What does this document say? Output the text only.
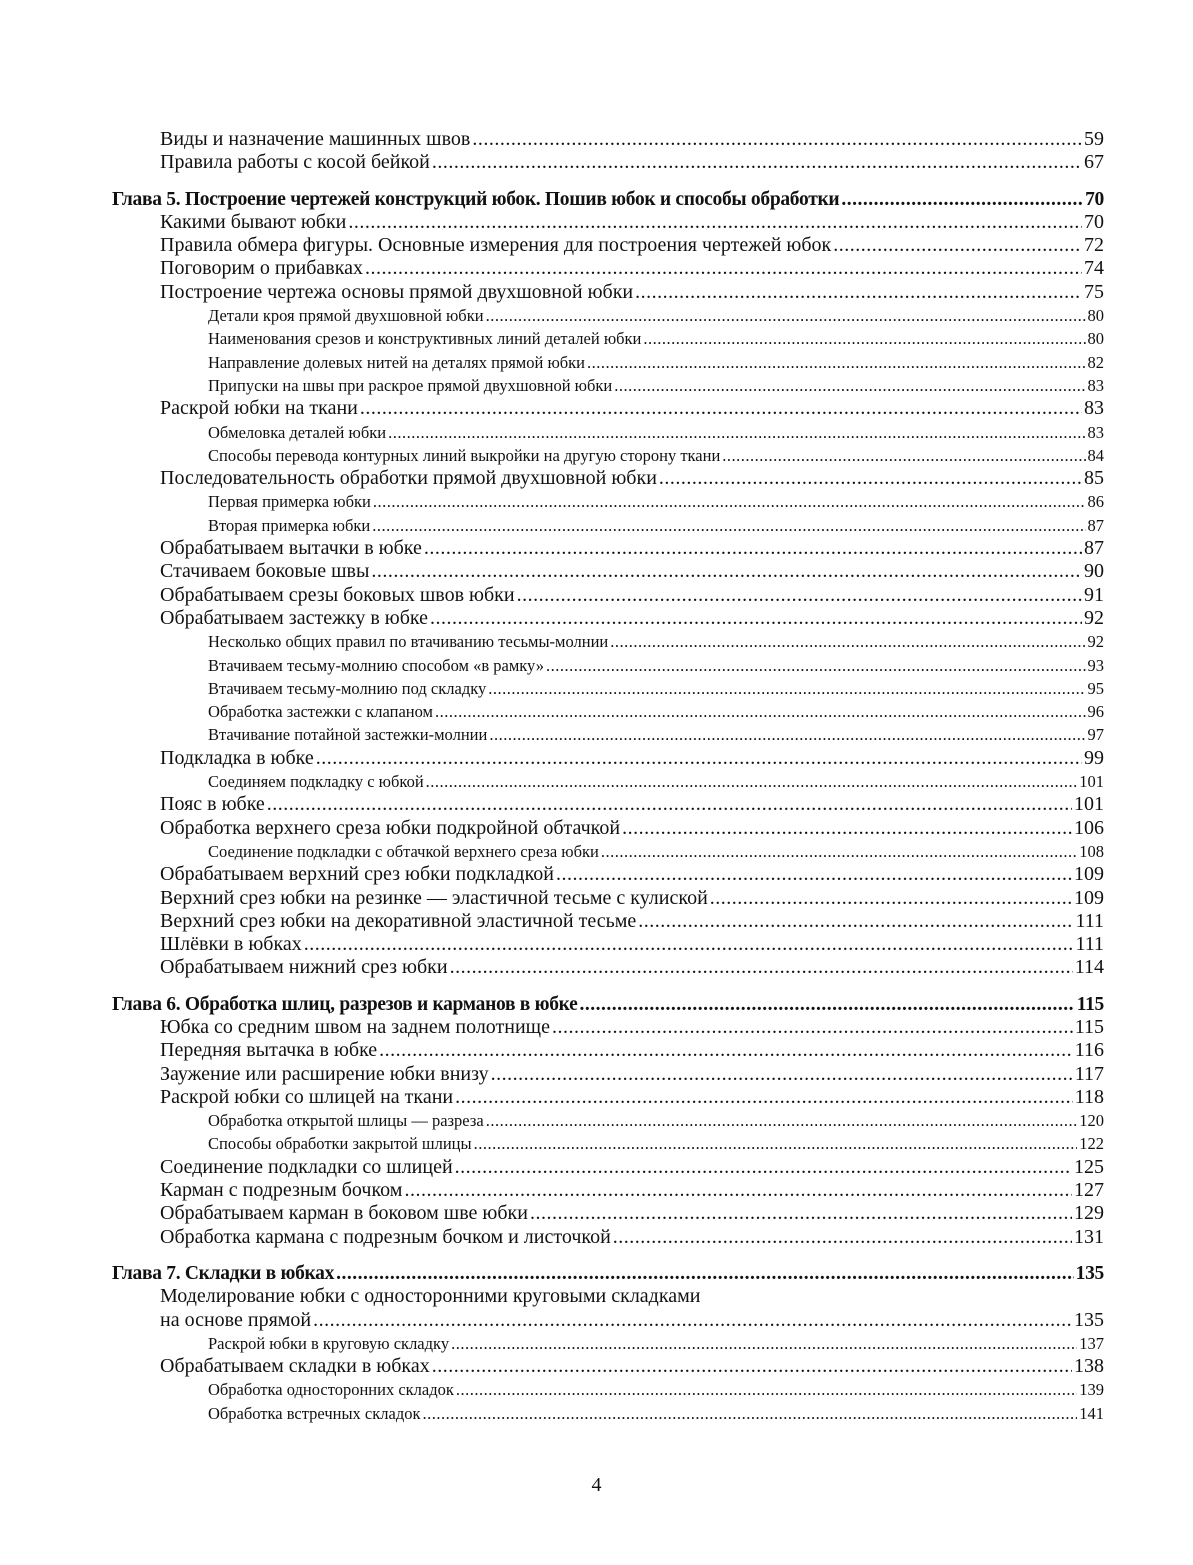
Виды и назначение машинных швов .....	59
Правила работы с косой бейкой .....	67
Глава 5. Построение чертежей конструкций юбок. Пошив юбок и способы обработки .....	70
Какими бывают юбки .....	70
Правила обмера фигуры. Основные измерения для построения чертежей юбок .....	72
Поговорим о прибавках .....	74
Построение чертежа основы прямой двухшовной юбки .....	75
Детали кроя прямой двухшовной юбки .....	80
Наименования срезов и конструктивных линий деталей юбки .....	80
Направление долевых нитей на деталях прямой юбки .....	82
Припуски на швы при раскрое прямой двухшовной юбки .....	83
Раскрой юбки на ткани .....	83
Обмеловка деталей юбки .....	83
Способы перевода контурных линий выкройки на другую сторону ткани .....	84
Последовательность обработки прямой двухшовной юбки .....	85
Первая примерка юбки .....	86
Вторая примерка юбки .....	87
Обрабатываем вытачки в юбке .....	87
Стачиваем боковые швы .....	90
Обрабатываем срезы боковых швов юбки .....	91
Обрабатываем застежку в юбке .....	92
Несколько общих правил по втачиванию тесьмы-молнии .....	92
Втачиваем тесьму-молнию способом «в рамку» .....	93
Втачиваем тесьму-молнию под складку .....	95
Обработка застежки с клапаном .....	96
Втачивание потайной застежки-молнии .....	97
Подкладка в юбке .....	99
Соединяем подкладку с юбкой .....	101
Пояс в юбке .....	101
Обработка верхнего среза юбки подкройной обтачкой .....	106
Соединение подкладки с обтачкой верхнего среза юбки .....	108
Обрабатываем верхний срез юбки подкладкой .....	109
Верхний срез юбки на резинке — эластичной тесьме с кулиской .....	109
Верхний срез юбки на декоративной эластичной тесьме .....	111
Шлёвки в юбках .....	111
Обрабатываем нижний срез юбки .....	114
Глава 6. Обработка шлиц, разрезов и карманов в юбке .....	115
Юбка со средним швом на заднем полотнище .....	115
Передняя вытачка в юбке .....	116
Заужение или расширение юбки внизу .....	117
Раскрой юбки со шлицей на ткани .....	118
Обработка открытой шлицы — разреза .....	120
Способы обработки закрытой шлицы .....	122
Соединение подкладки со шлицей .....	125
Карман с подрезным бочком .....	127
Обрабатываем карман в боковом шве юбки .....	129
Обработка кармана с подрезным бочком и листочкой .....	131
Глава 7. Складки в юбках .....	135
Моделирование юбки с односторонними круговыми складками
на основе прямой .....	135
Раскрой юбки в круговую складку .....	137
Обрабатываем складки в юбках .....	138
Обработка односторонних складок .....	139
Обработка встречных складок .....	141
4
